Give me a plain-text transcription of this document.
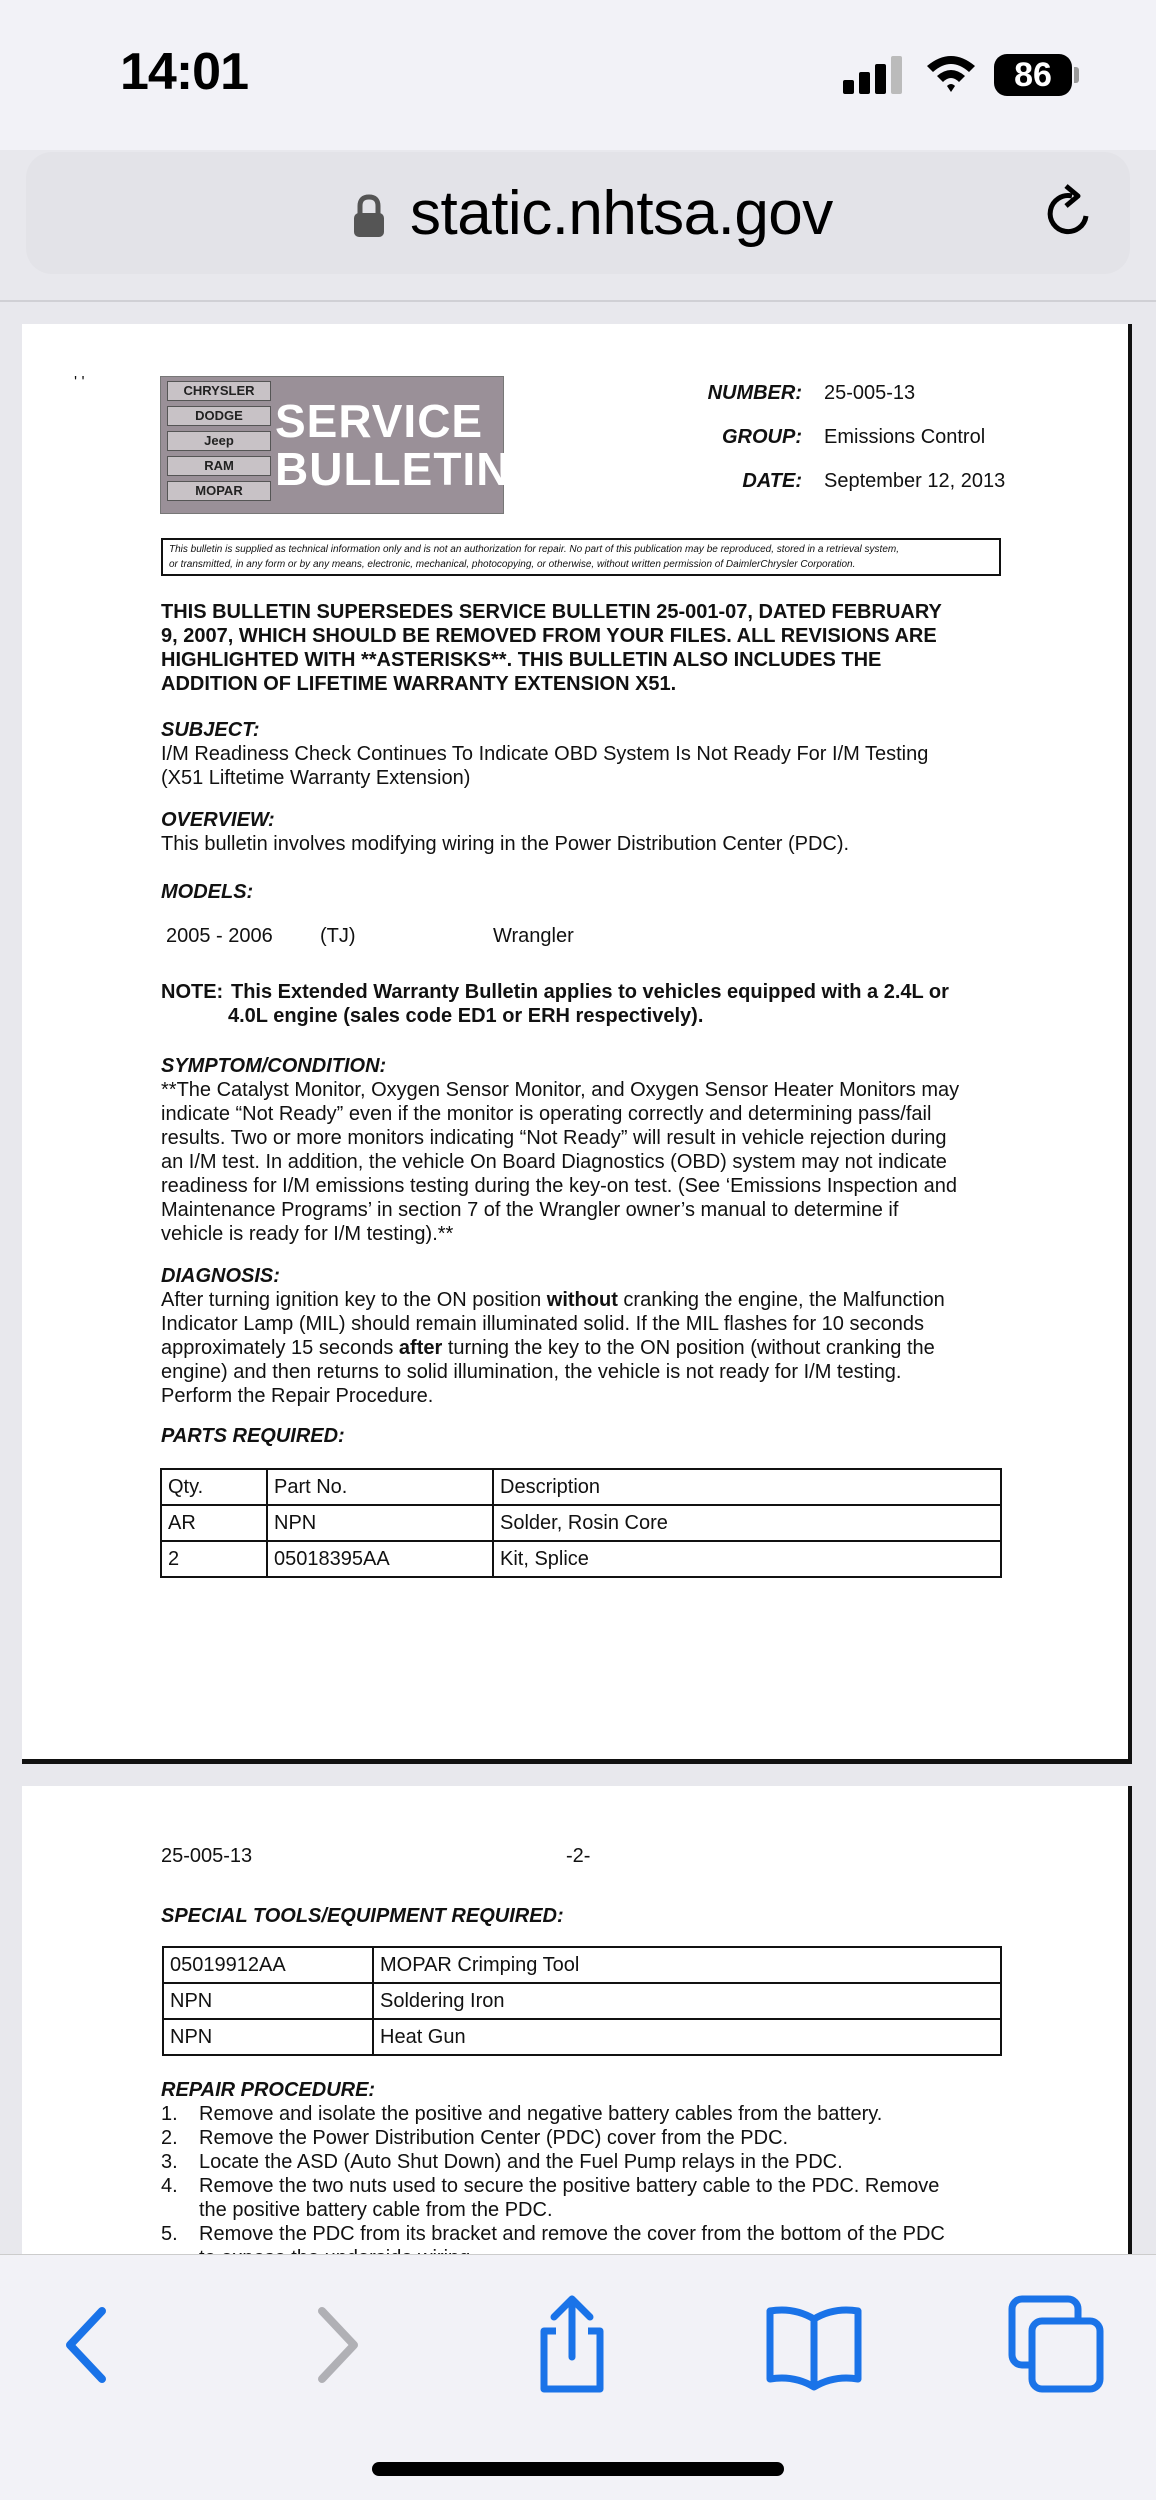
14:01	86
static.nhtsa.gov
' '	CHRYSLER
DODGE
Jeep
RAM
MOPAR
SERVICE
BULLETIN
NUMBER: 25-005-13
GROUP: Emissions Control
DATE: September 12, 2013
This bulletin is supplied as technical information only and is not an authorization for repair. No part of this publication may be reproduced, stored in a retrieval system,
or transmitted, in any form or by any means, electronic, mechanical, photocopying, or otherwise, without written permission of DaimlerChrysler Corporation.
THIS BULLETIN SUPERSEDES SERVICE BULLETIN 25-001-07, DATED FEBRUARY
9, 2007, WHICH SHOULD BE REMOVED FROM YOUR FILES. ALL REVISIONS ARE
HIGHLIGHTED WITH **ASTERISKS**. THIS BULLETIN ALSO INCLUDES THE
ADDITION OF LIFETIME WARRANTY EXTENSION X51.
SUBJECT:
I/M Readiness Check Continues To Indicate OBD System Is Not Ready For I/M Testing
(X51 Liftetime Warranty Extension)
OVERVIEW:
This bulletin involves modifying wiring in the Power Distribution Center (PDC).
MODELS:
2005 - 2006	(TJ)	Wrangler
NOTE: This Extended Warranty Bulletin applies to vehicles equipped with a 2.4L or
4.0L engine (sales code ED1 or ERH respectively).
SYMPTOM/CONDITION:
**The Catalyst Monitor, Oxygen Sensor Monitor, and Oxygen Sensor Heater Monitors may
indicate “Not Ready” even if the monitor is operating correctly and determining pass/fail
results. Two or more monitors indicating “Not Ready” will result in vehicle rejection during
an I/M test. In addition, the vehicle On Board Diagnostics (OBD) system may not indicate
readiness for I/M emissions testing during the key-on test. (See ‘Emissions Inspection and
Maintenance Programs’ in section 7 of the Wrangler owner’s manual to determine if
vehicle is ready for I/M testing).**
DIAGNOSIS:
After turning ignition key to the ON position without cranking the engine, the Malfunction
Indicator Lamp (MIL) should remain illuminated solid. If the MIL flashes for 10 seconds
approximately 15 seconds after turning the key to the ON position (without cranking the
engine) and then returns to solid illumination, the vehicle is not ready for I/M testing.
Perform the Repair Procedure.
PARTS REQUIRED:
Qty.	Part No.	Description
AR	NPN	Solder, Rosin Core
2	05018395AA	Kit, Splice
25-005-13	-2-
SPECIAL TOOLS/EQUIPMENT REQUIRED:
05019912AA	MOPAR Crimping Tool
NPN	Soldering Iron
NPN	Heat Gun
REPAIR PROCEDURE:
1. Remove and isolate the positive and negative battery cables from the battery.
2. Remove the Power Distribution Center (PDC) cover from the PDC.
3. Locate the ASD (Auto Shut Down) and the Fuel Pump relays in the PDC.
4. Remove the two nuts used to secure the positive battery cable to the PDC. Remove
the positive battery cable from the PDC.
5. Remove the PDC from its bracket and remove the cover from the bottom of the PDC
